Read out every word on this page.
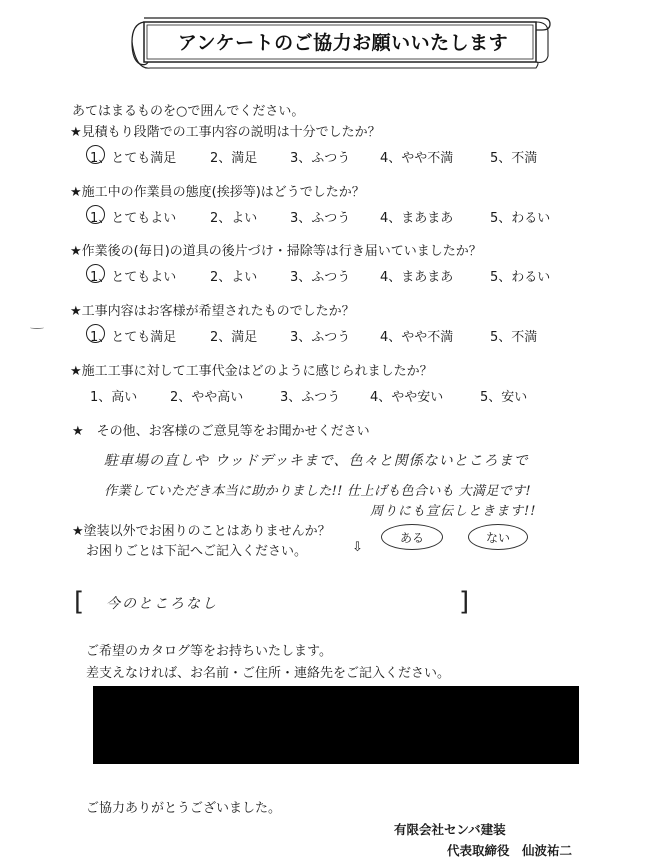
アンケートのご協力お願いいたします
あてはまるものを○で囲んでください。
★見積もり段階での工事内容の説明は十分でしたか？
1、とても満足	2、満足	3、ふつう 4、やや不満	5、不満
★施工中の作業員の態度(挨拶等)はどうでしたか？
1、とてもよい	2、よい	3、ふつう 4、まあまあ	5、わるい
★作業後の(毎日)の道具の後片づけ・掃除等は行き届いていましたか？
1、とてもよい	2、よい	3、ふつう 4、まあまあ	5、わるい
★工事内容はお客様が希望されたものでしたか？
1、とても満足	2、満足	3、ふつう 4、やや不満	5、不満
★施工工事に対して工事代金はどのように感じられましたか？
1、高い	2、やや高い	3、ふつう 4、やや安い	5、安い
★　その他、お客様のご意見等をお聞かせください
駐車場の直しや ウッドデッキまで、色々と関係ないところまで
作業していただき本当に助かりました!! 仕上げも色合いも 大満足です!
周りにも宣伝しときます!!
★塗装以外でお困りのことはありませんか？
お困りごとは下記へご記入ください。	⇩
ある	ない
[ 今のところなし	]
ご希望のカタログ等をお持ちいたします。
差支えなければ、お名前・ご住所・連絡先をご記入ください。
ご協力ありがとうございました。
有限会社センバ建装
代表取締役　仙波祐二
